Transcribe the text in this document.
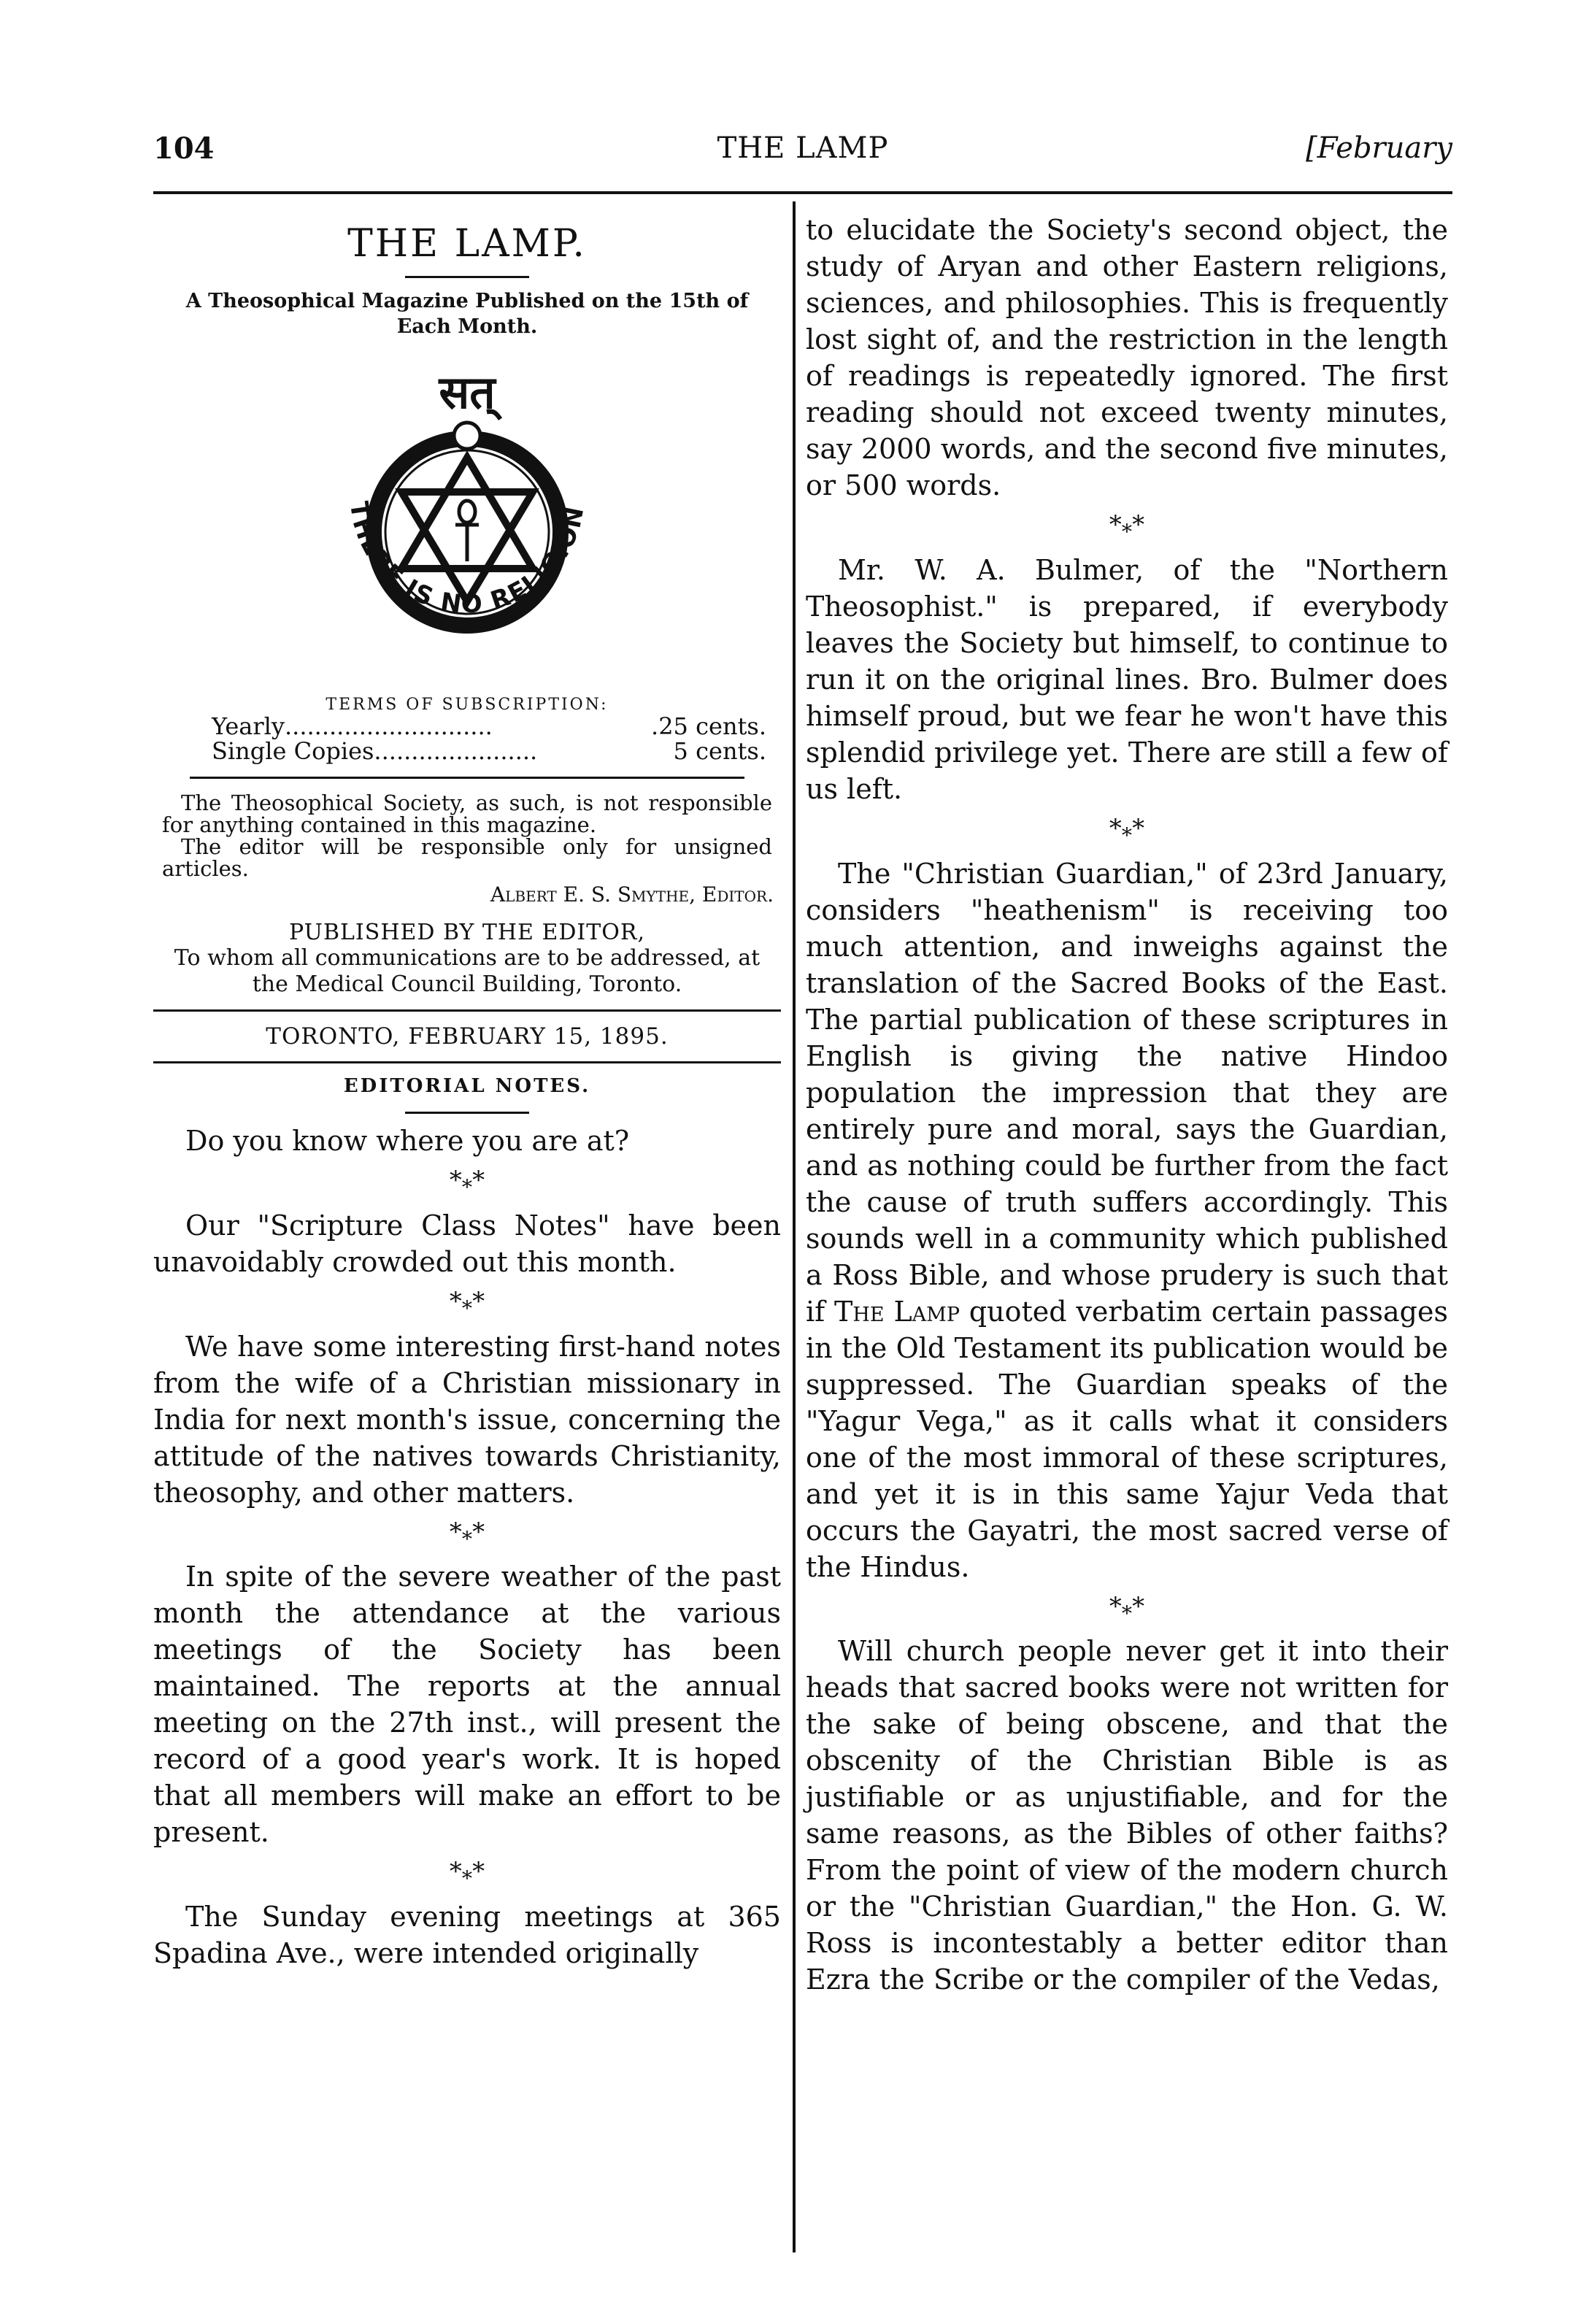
104	THE LAMP	[February
THE LAMP.
A Theosophical Magazine Published on the 15th of Each Month.
सत्
THERE IS NO RELIGION
TERMS OF SUBSCRIPTION:
Yearly ............................	.25 cents.
Single Copies ......................	5 cents.

The Theosophical Society, as such, is not responsible for anything contained in this magazine.

The editor will be responsible only for unsigned articles.

Albert E. S. Smythe, Editor.
PUBLISHED BY THE EDITOR,
To whom all communications are to be addressed, at the Medical Council Building, Toronto.
TORONTO, FEBRUARY 15, 1895.
EDITORIAL NOTES.

Do you know where you are at?

$*_**$

Our "Scripture Class Notes" have been unavoidably crowded out this month.

$*_**$

We have some interesting first-hand notes from the wife of a Christian missionary in India for next month's issue, concerning the attitude of the natives towards Christianity, theosophy, and other matters.

$*_**$

In spite of the severe weather of the past month the attendance at the various meetings of the Society has been maintained. The reports at the annual meeting on the 27th inst., will present the record of a good year's work. It is hoped that all members will make an effort to be present.

$*_**$

The Sunday evening meetings at 365 Spadina Ave., were intended originally

to elucidate the Society's second object, the study of Aryan and other Eastern religions, sciences, and philosophies. This is frequently lost sight of, and the restriction in the length of readings is repeatedly ignored. The first reading should not exceed twenty minutes, say 2000 words, and the second five minutes, or 500 words.

$*_**$

Mr. W. A. Bulmer, of the "Northern Theosophist." is prepared, if everybody leaves the Society but himself, to continue to run it on the original lines. Bro. Bulmer does himself proud, but we fear he won't have this splendid privilege yet. There are still a few of us left.

$*_**$

The "Christian Guardian," of 23rd January, considers "heathenism" is receiving too much attention, and inweighs against the translation of the Sacred Books of the East. The partial publication of these scriptures in English is giving the native Hindoo population the impression that they are entirely pure and moral, says the Guardian, and as nothing could be further from the fact the cause of truth suffers accordingly. This sounds well in a community which published a Ross Bible, and whose prudery is such that if The Lamp quoted verbatim certain passages in the Old Testament its publication would be suppressed. The Guardian speaks of the "Yagur Vega," as it calls what it considers one of the most immoral of these scriptures, and yet it is in this same Yajur Veda that occurs the Gayatri, the most sacred verse of the Hindus.

$*_**$

Will church people never get it into their heads that sacred books were not written for the sake of being obscene, and that the obscenity of the Christian Bible is as justifiable or as unjustifiable, and for the same reasons, as the Bibles of other faiths? From the point of view of the modern church or the "Christian Guardian," the Hon. G. W. Ross is incontestably a better editor than Ezra the Scribe or the compiler of the Vedas,
